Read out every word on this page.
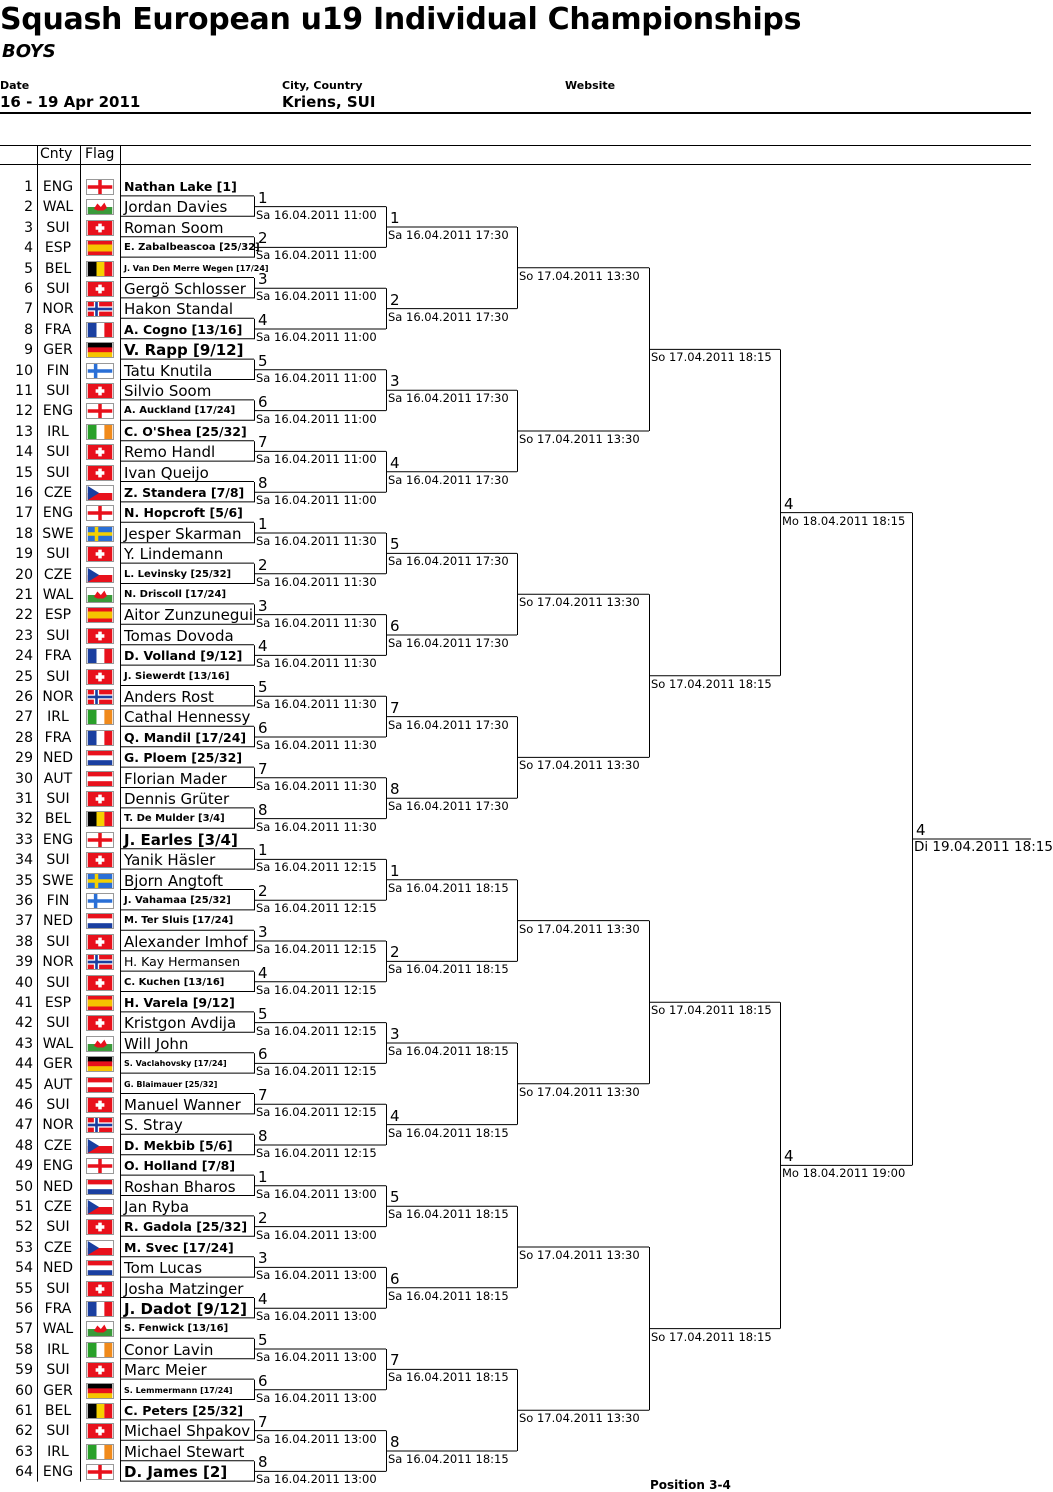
Squash European u19 Individual Championships
BOYS
Date
16 - 19 Apr 2011
City, Country
Kriens, SUI
Website
Cnty Flag
1 ENG	Nathan Lake [1]
2 WAL	Jordan Davies
3 SUI	Roman Soom
4 ESP	E. Zabalbeascoa [25/32]
5 BEL	J. Van Den Merre Wegen [17/24]
6 SUI	Gergö Schlosser
7 NOR	Hakon Standal
8 FRA	A. Cogno [13/16]
9 GER	V. Rapp [9/12]
10 FIN	Tatu Knutila
11 SUI	Silvio Soom
12 ENG	A. Auckland [17/24]
13	IRL	C. O'Shea [25/32]
14 SUI	Remo Handl
15 SUI	Ivan Queijo
16 CZE	Z. Standera [7/8]
17 ENG	N. Hopcroft [5/6]
18 SWE	Jesper Skarman
19 SUI	Y. Lindemann
20 CZE	L. Levinsky [25/32]
21 WAL	N. Driscoll [17/24]
22 ESP	Aitor Zunzunegui
23 SUI	Tomas Dovoda
24 FRA	D. Volland [9/12]
25 SUI	J. Siewerdt [13/16]
26 NOR	Anders Rost
27	IRL	Cathal Hennessy
28 FRA	Q. Mandil [17/24]
29 NED	G. Ploem [25/32]
30 AUT	Florian Mader
31 SUI	Dennis Grüter
32 BEL	T. De Mulder [3/4]
33 ENG	J. Earles [3/4]
34 SUI	Yanik Häsler
35 SWE	Bjorn Angtoft
36 FIN	J. Vahamaa [25/32]
37 NED	M. Ter Sluis [17/24]
38 SUI	Alexander Imhof
39 NOR	H. Kay Hermansen
40 SUI	C. Kuchen [13/16]
41 ESP	H. Varela [9/12]
42 SUI	Kristgon Avdija
43 WAL	Will John
44 GER	S. Vaclahovsky [17/24]
45 AUT	G. Blaimauer [25/32]
46 SUI	Manuel Wanner
47 NOR	S. Stray
48 CZE	D. Mekbib [5/6]
49 ENG	O. Holland [7/8]
50 NED	Roshan Bharos
51 CZE	Jan Ryba
52 SUI	R. Gadola [25/32]
53 CZE	M. Svec [17/24]
54 NED	Tom Lucas
55 SUI	Josha Matzinger
56 FRA	J. Dadot [9/12]
57 WAL	S. Fenwick [13/16]
58	IRL	Conor Lavin
59 SUI	Marc Meier
60 GER	S. Lemmermann [17/24]
61 BEL	C. Peters [25/32]
62 SUI	Michael Shpakov
63	IRL	Michael Stewart
64 ENG	D. James [2]
1
Sa 16.04.2011 11:00
2
Sa 16.04.2011 11:00
3
Sa 16.04.2011 11:00
4
Sa 16.04.2011 11:00
5
Sa 16.04.2011 11:00
6
Sa 16.04.2011 11:00
7
Sa 16.04.2011 11:00
8
Sa 16.04.2011 11:00
1
Sa 16.04.2011 11:30
2
Sa 16.04.2011 11:30
3
Sa 16.04.2011 11:30
4
Sa 16.04.2011 11:30
5
Sa 16.04.2011 11:30
6
Sa 16.04.2011 11:30
7
Sa 16.04.2011 11:30
8
Sa 16.04.2011 11:30
1
Sa 16.04.2011 12:15
2
Sa 16.04.2011 12:15
3
Sa 16.04.2011 12:15
4
Sa 16.04.2011 12:15
5
Sa 16.04.2011 12:15
6
Sa 16.04.2011 12:15
7
Sa 16.04.2011 12:15
8
Sa 16.04.2011 12:15
1
Sa 16.04.2011 13:00
2
Sa 16.04.2011 13:00
3
Sa 16.04.2011 13:00
4
Sa 16.04.2011 13:00
5
Sa 16.04.2011 13:00
6
Sa 16.04.2011 13:00
7
Sa 16.04.2011 13:00
8
Sa 16.04.2011 13:00
1
Sa 16.04.2011 17:30
2
Sa 16.04.2011 17:30
3
Sa 16.04.2011 17:30
4
Sa 16.04.2011 17:30
5
Sa 16.04.2011 17:30
6
Sa 16.04.2011 17:30
7
Sa 16.04.2011 17:30
8
Sa 16.04.2011 17:30
1
Sa 16.04.2011 18:15
2
Sa 16.04.2011 18:15
3
Sa 16.04.2011 18:15
4
Sa 16.04.2011 18:15
5
Sa 16.04.2011 18:15
6
Sa 16.04.2011 18:15
7
Sa 16.04.2011 18:15
8
Sa 16.04.2011 18:15
So 17.04.2011 13:30
So 17.04.2011 13:30
So 17.04.2011 13:30
So 17.04.2011 13:30
So 17.04.2011 13:30
So 17.04.2011 13:30
So 17.04.2011 13:30
So 17.04.2011 13:30
So 17.04.2011 18:15
So 17.04.2011 18:15
So 17.04.2011 18:15
So 17.04.2011 18:15
4
Mo 18.04.2011 18:15
4
Mo 18.04.2011 19:00
4
Di 19.04.2011 18:15
Position 3-4
